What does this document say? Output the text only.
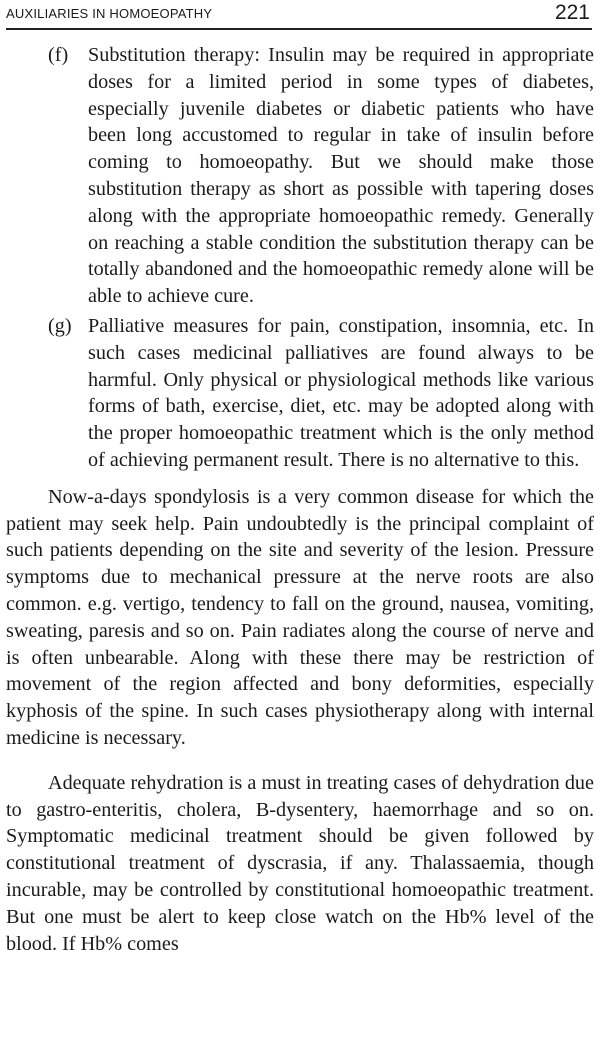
AUXILIARIES IN HOMOEOPATHY	221
(f) Substitution therapy: Insulin may be required in appropriate doses for a limited period in some types of diabetes, especially juvenile diabetes or diabetic patients who have been long accustomed to regular in take of insulin before coming to homoeopathy. But we should make those substitution therapy as short as possible with tapering doses along with the appropriate homoeopathic remedy. Generally on reaching a stable condition the substitution therapy can be totally abandoned and the homoeopathic remedy alone will be able to achieve cure.
(g) Palliative measures for pain, constipation, insomnia, etc. In such cases medicinal palliatives are found always to be harmful. Only physical or physiological methods like various forms of bath, exercise, diet, etc. may be adopted along with the proper homoeopathic treatment which is the only method of achieving permanent result. There is no alternative to this.

Now-a-days spondylosis is a very common disease for which the patient may seek help. Pain undoubtedly is the principal complaint of such patients depending on the site and severity of the lesion. Pressure symptoms due to mechanical pressure at the nerve roots are also common. e.g. vertigo, tendency to fall on the ground, nausea, vomiting, sweating, paresis and so on. Pain radiates along the course of nerve and is often unbearable. Along with these there may be restriction of movement of the region affected and bony deformities, especially kyphosis of the spine. In such cases physiotherapy along with internal medicine is necessary.

Adequate rehydration is a must in treating cases of dehydration due to gastro-enteritis, cholera, B-dysentery, haemorrhage and so on. Symptomatic medicinal treatment should be given followed by constitutional treatment of dyscrasia, if any. Thalassaemia, though incurable, may be controlled by constitutional homoeopathic treatment. But one must be alert to keep close watch on the Hb% level of the blood. If Hb% comes
